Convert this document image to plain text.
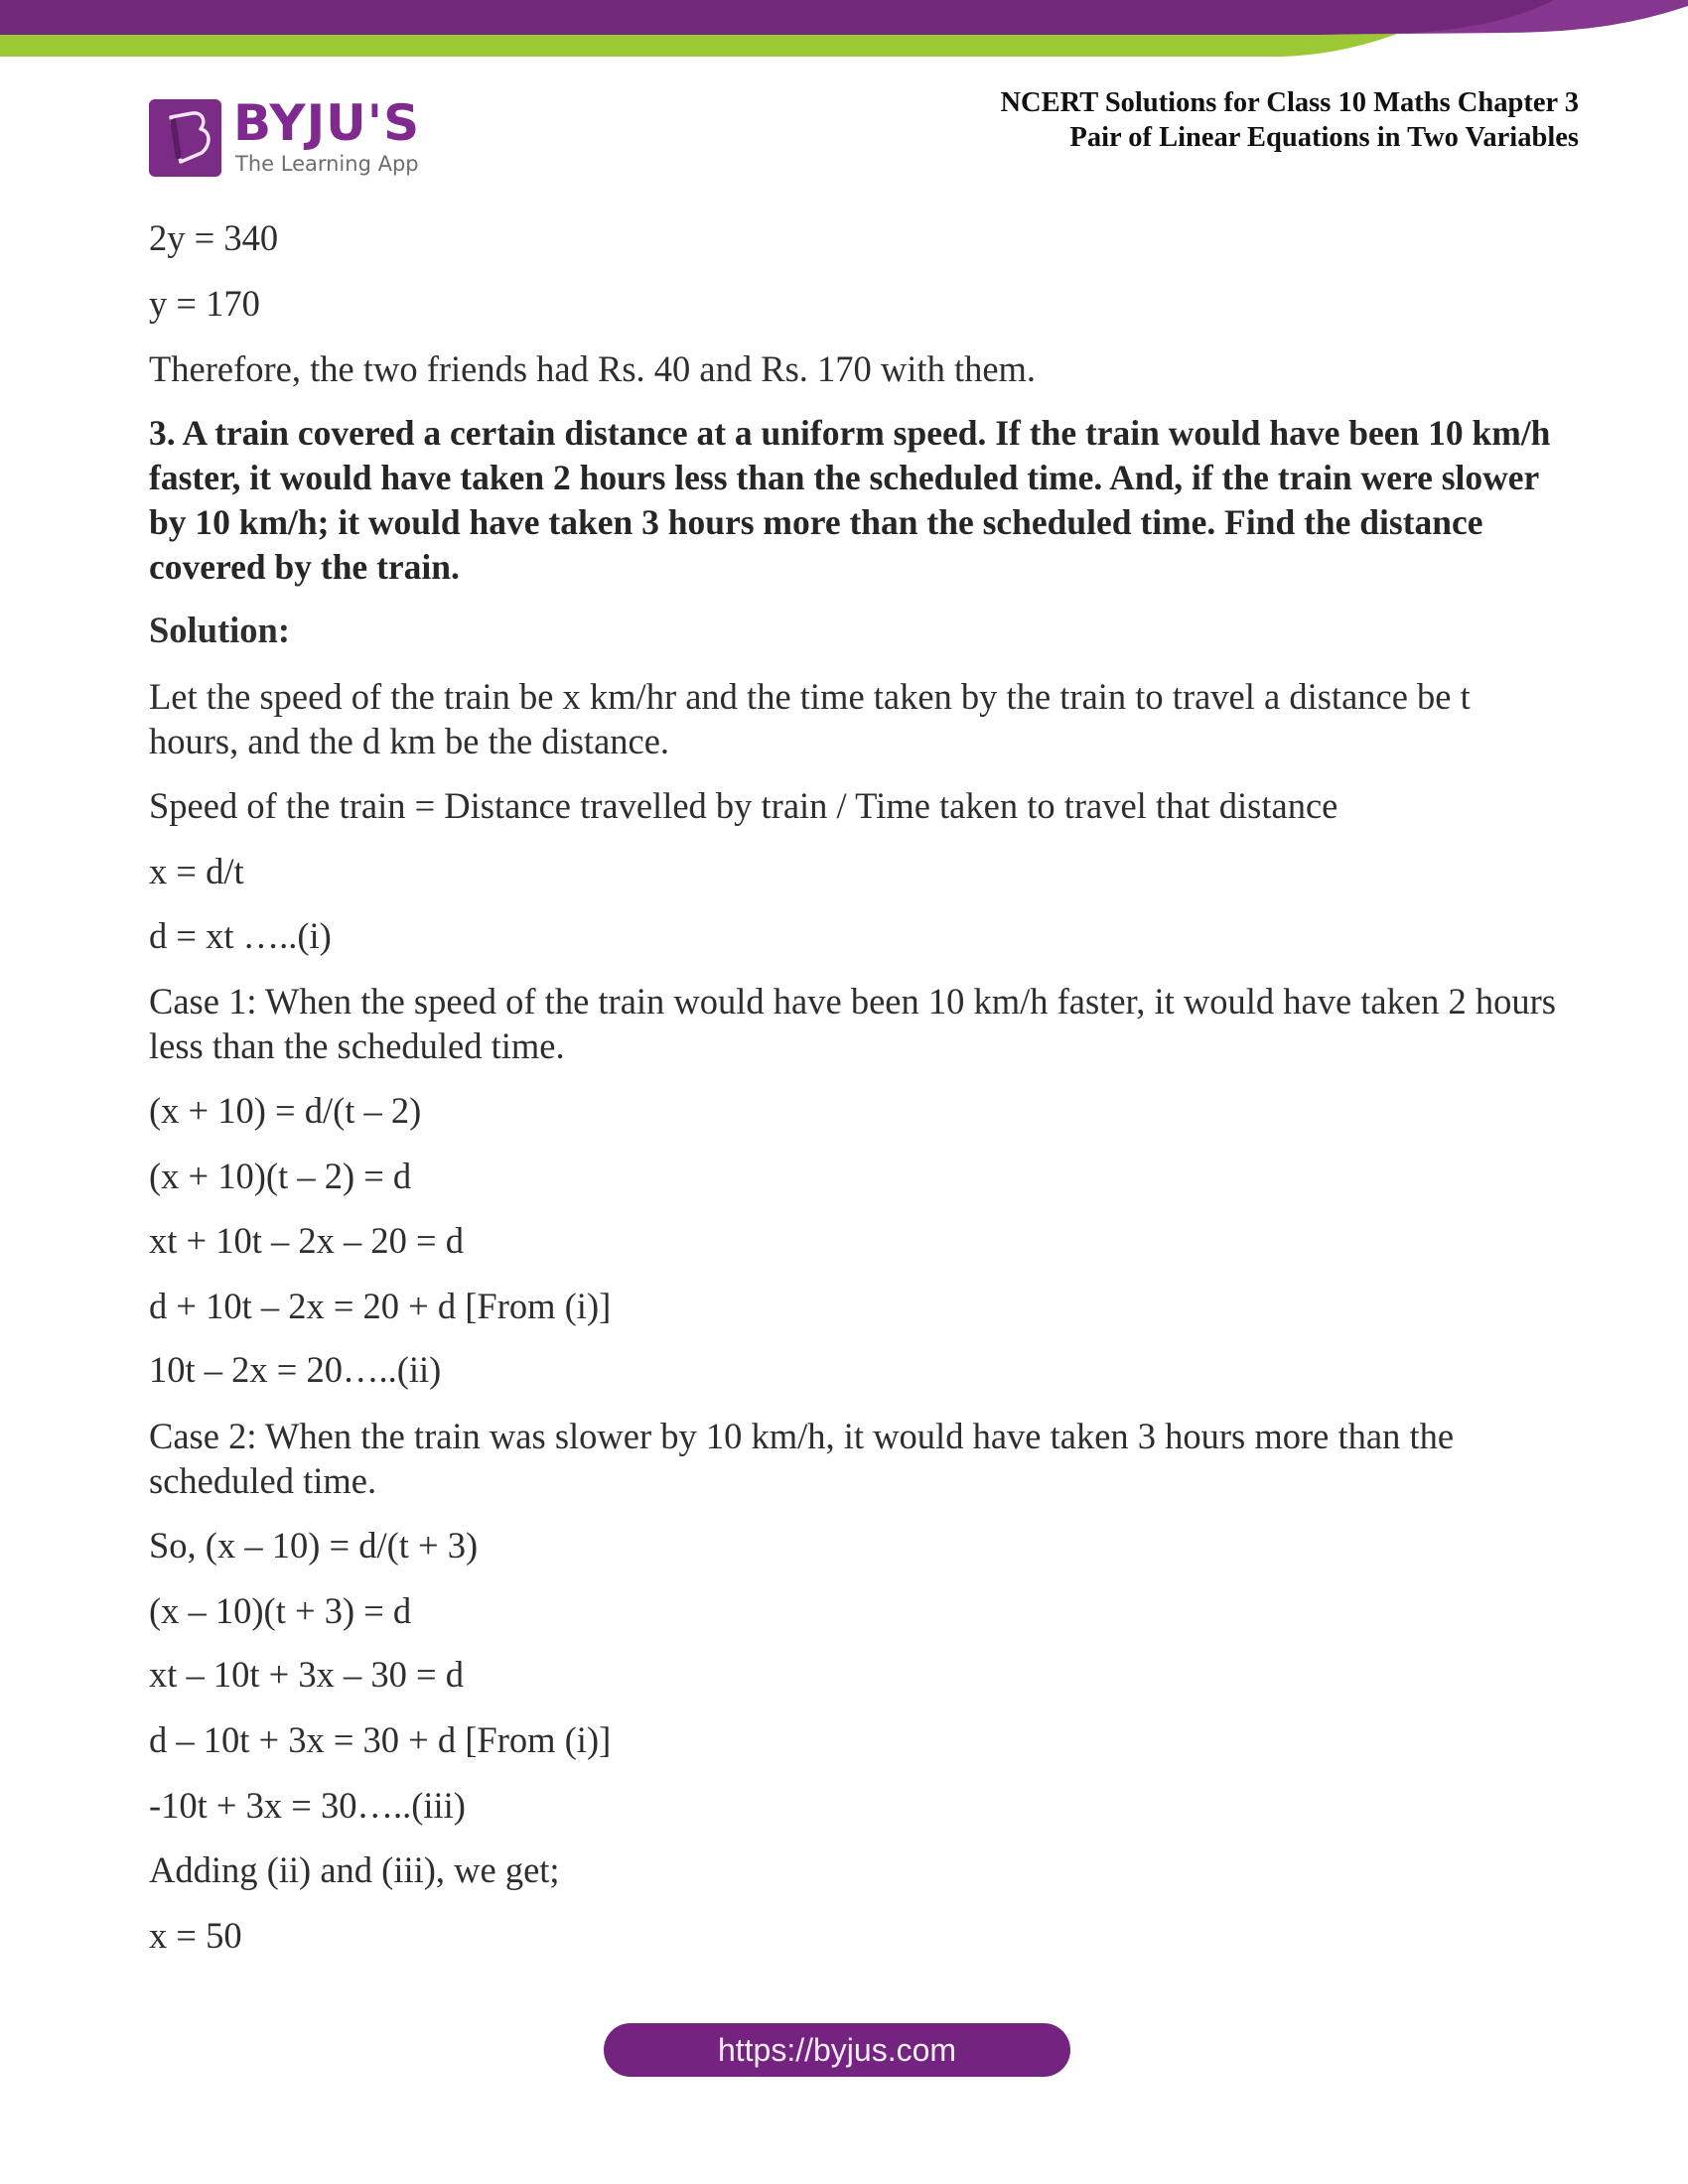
BYJU'S
The Learning App
NCERT Solutions for Class 10 Maths Chapter 3
Pair of Linear Equations in Two Variables
2y = 340
y = 170
Therefore, the two friends had Rs. 40 and Rs. 170 with them.
3. A train covered a certain distance at a uniform speed. If the train would have been 10 km/h faster, it would have taken 2 hours less than the scheduled time. And, if the train were slower by 10 km/h; it would have taken 3 hours more than the scheduled time. Find the distance covered by the train.
Solution:
Let the speed of the train be x km/hr and the time taken by the train to travel a distance be t hours, and the d km be the distance.
Speed of the train = Distance travelled by train / Time taken to travel that distance
x = d/t
d = xt …..(i)
Case 1: When the speed of the train would have been 10 km/h faster, it would have taken 2 hours less than the scheduled time.
(x + 10) = d/(t – 2)
(x + 10)(t – 2) = d
xt + 10t – 2x – 20 = d
d + 10t – 2x = 20 + d [From (i)]
10t – 2x = 20…..(ii)
Case 2: When the train was slower by 10 km/h, it would have taken 3 hours more than the scheduled time.
So, (x – 10) = d/(t + 3)
(x – 10)(t + 3) = d
xt – 10t + 3x – 30 = d
d – 10t + 3x = 30 + d [From (i)]
-10t + 3x = 30…..(iii)
Adding (ii) and (iii), we get;
x = 50
https://byjus.com
